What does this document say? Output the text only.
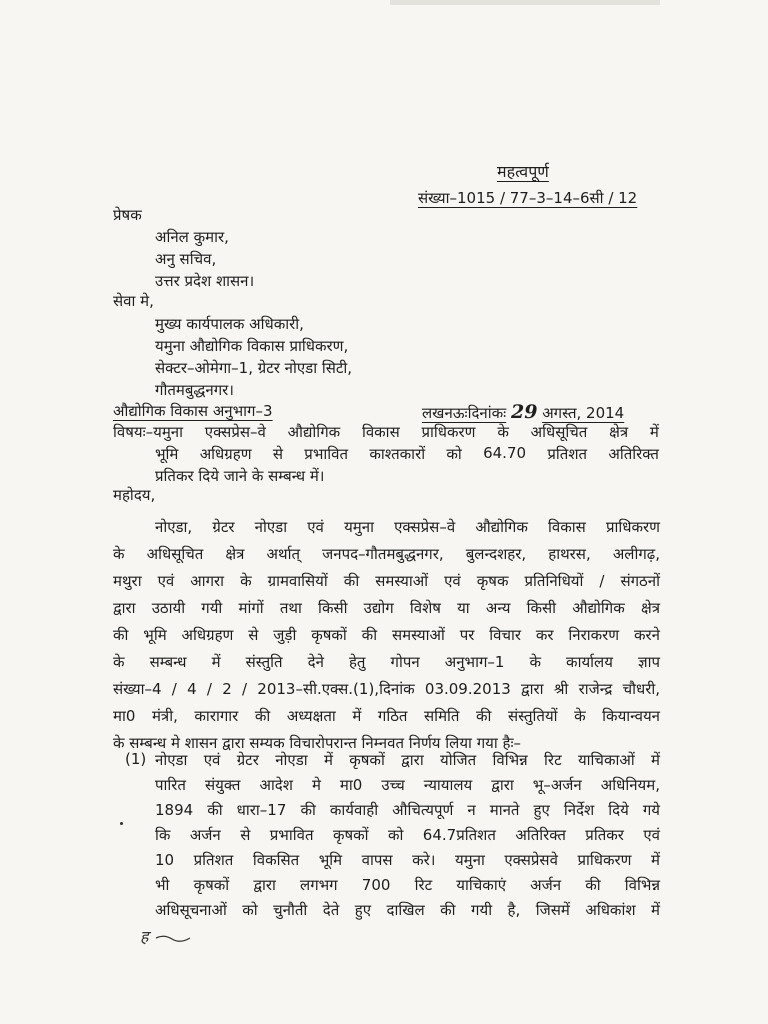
महत्वपूर्ण
संख्या–1015 / 77–3–14–6सी / 12
प्रेषक
अनिल कुमार,
अनु सचिव,
उत्तर प्रदेश शासन।
सेवा मे,
मुख्य कार्यपालक अधिकारी,
यमुना औद्योगिक विकास प्राधिकरण,
सेक्टर–ओमेगा–1, ग्रेटर नोएडा सिटी,
गौतमबुद्धनगर।
औद्योगिक विकास अनुभाग–3	लखनऊःदिनांकः 29 अगस्त, 2014
विषयः–यमुना एक्सप्रेस–वे औद्योगिक विकास प्राधिकरण के अधिसूचित क्षेत्र में
भूमि अधिग्रहण से प्रभावित काश्तकारों को 64.70 प्रतिशत अतिरिक्त
प्रतिकर दिये जाने के सम्बन्ध में।
महोदय,
नोएडा, ग्रेटर नोएडा एवं यमुना एक्सप्रेस–वे औद्योगिक विकास प्राधिकरण
के अधिसूचित क्षेत्र अर्थात् जनपद–गौतमबुद्धनगर, बुलन्दशहर, हाथरस, अलीगढ़,
मथुरा एवं आगरा के ग्रामवासियों की समस्याओं एवं कृषक प्रतिनिधियों / संगठनों
द्वारा उठायी गयी मांगों तथा किसी उद्योग विशेष या अन्य किसी औद्योगिक क्षेत्र
की भूमि अधिग्रहण से जुड़ी कृषकों की समस्याओं पर विचार कर निराकरण करने
के सम्बन्ध में संस्तुति देने हेतु गोपन अनुभाग–1 के कार्यालय ज्ञाप
संख्या–4 / 4 / 2 / 2013–सी.एक्स.(1),दिनांक 03.09.2013 द्वारा श्री राजेन्द्र चौधरी,
मा0 मंत्री, कारागार की अध्यक्षता में गठित समिति की संस्तुतियों के कियान्वयन
के सम्बन्ध मे शासन द्वारा सम्यक विचारोपरान्त निम्नवत निर्णय लिया गया हैः–
(1) नोएडा एवं ग्रेटर नोएडा में कृषकों द्वारा योजित विभिन्न रिट याचिकाओं में
पारित संयुक्त आदेश मे मा0 उच्च न्यायालय द्वारा भू–अर्जन अधिनियम,
1894 की धारा–17 की कार्यवाही औचित्यपूर्ण न मानते हुए निर्देश दिये गये
कि अर्जन से प्रभावित कृषकों को 64.7प्रतिशत अतिरिक्त प्रतिकर एवं
10 प्रतिशत विकसित भूमि वापस करे। यमुना एक्सप्रेसवे प्राधिकरण में
भी कृषकों द्वारा लगभग 700 रिट याचिकाएं अर्जन की विभिन्न
अधिसूचनाओं को चुनौती देते हुए दाखिल की गयी है, जिसमें अधिकांश में
ह
